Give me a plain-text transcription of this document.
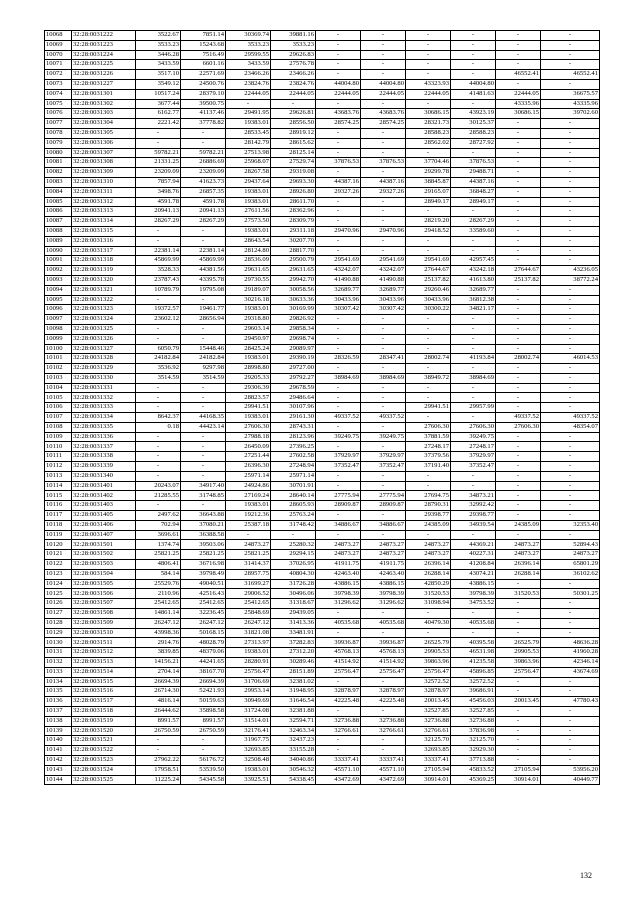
10068	32:28:0031222	3522.67	7851.14	30369.74	39881.16	-	-	-	-	-	-
10069	32:28:0031223	3533.23	15243.68	3533.23	3533.23	-	-	-	-	-	-
10070	32:28:0031224	3446.28	7516.49	29599.55	29626.83	-	-	-	-	-	-
10071	32:28:0031225	3433.59	6601.16	3433.59	27576.78	-	-	-	-	-	-
10072	32:28:0031226	3517.10	22571.69	23466.26	23466.26	-	-	-	-	46552.41	46552.41
10073	32:28:0031227	3549.12	24500.76	23824.76	23824.76	44004.80	44004.80	43323.93	44004.80	-	-
10074	32:28:0031301	10517.24	28379.10	22444.05	22444.05	22444.05	22444.05	22444.05	41481.63	22444.05	36675.57
10075	32:28:0031302	3677.44	39500.75	-	-	-	-	-	-	43335.96	43335.96
10076	32:28:0031303	6162.77	41137.46	29491.95	29626.81	43683.76	43683.76	30686.15	43923.19	30686.15	39702.60
10077	32:28:0031304	2221.42	37778.82	19383.01	28556.50	28574.25	28574.25	28321.73	30125.37	-	-
10078	32:28:0031305	-	-	28533.45	28919.12	-	-	28588.23	28588.23	-	-
10079	32:28:0031306	-	-	28142.79	28615.62	-	-	28562.02	28727.92	-	-
10080	32:28:0031307	59782.21	59782.21	27513.98	28125.14	-	-	-	-	-	-
10081	32:28:0031308	21331.25	26886.69	25968.07	27529.74	37876.53	37876.53	37704.46	37876.53	-	-
10082	32:28:0031309	23209.09	23209.09	28267.58	29319.08	-	-	29299.78	29488.71	-	-
10083	32:28:0031310	7857.94	41623.73	29437.64	29693.30	44387.16	44387.16	38845.87	44387.16	-	-
10084	32:28:0031311	3498.76	26857.35	19383.01	28926.80	29327.26	29327.26	29165.07	36848.27	-	-
10085	32:28:0031312	4591.78	4591.78	19383.01	28611.70	-	-	28949.17	28949.17	-	-
10086	32:28:0031313	20941.13	20941.13	27611.56	28362.96	-	-	-	-	-	-
10087	32:28:0031314	28267.29	28267.29	27573.50	28309.79	-	-	28219.20	28267.29	-	-
10088	32:28:0031315	-	-	19383.01	29311.18	29470.96	29470.96	29418.52	33589.60	-	-
10089	32:28:0031316	-	-	28643.54	30207.70	-	-	-	-	-	-
10090	32:28:0031317	22381.14	22381.14	28124.80	28817.70	-	-	-	-	-	-
10091	32:28:0031318	45869.99	45869.99	28536.09	29500.79	29541.69	29541.69	29541.69	42957.45	-	-
10092	32:28:0031319	3528.33	44381.56	29631.65	29631.65	43242.07	43242.07	27644.67	43242.18	27644.67	43236.05
10093	32:28:0031320	23787.43	43395.78	29730.55	29942.70	41490.88	41490.88	25137.82	41613.80	25137.82	38772.24
10094	32:28:0031321	10789.79	19795.08	29189.07	30058.56	32689.77	32689.77	29260.46	32689.77	-	-
10095	32:28:0031322	-	-	30216.18	30633.36	30433.96	30433.96	30433.96	36812.38	-	-
10096	32:28:0031323	19372.57	19461.77	19383.01	30169.99	30307.42	30307.42	30300.22	34821.17	-	-
10097	32:28:0031324	23602.12	28656.94	29318.80	29826.92	-	-	-	-	-	-
10098	32:28:0031325	-	-	29603.14	29858.34	-	-	-	-	-	-
10099	32:28:0031326	-	-	29450.97	29698.74	-	-	-	-	-	-
10100	32:28:0031327	6050.79	15448.46	28425.24	29089.97	-	-	-	-	-	-
10101	32:28:0031328	24182.84	24182.84	19383.01	29390.19	28326.59	28347.41	28002.74	41193.84	28002.74	46014.53
10102	32:28:0031329	3536.92	9297.98	28998.80	29727.00	-	-	-	-	-	-
10103	32:28:0031330	3514.59	3514.59	29205.33	29792.27	38984.69	38984.69	38949.72	38984.69	-	-
10104	32:28:0031331	-	-	29306.39	29678.59	-	-	-	-	-	-
10105	32:28:0031332	-	-	28823.57	29486.64	-	-	-	-	-	-
10106	32:28:0031333	-	-	29941.51	30107.96	-	-	29941.51	29957.99	-	-
10107	32:28:0031334	8642.37	44168.35	19383.01	29161.30	49337.52	49337.52	-	-	49337.52	49337.52
10108	32:28:0031335	0.18	44423.14	27606.30	28743.31	-	-	27606.30	27606.30	27606.30	48354.07
10109	32:28:0031336	-	-	27988.18	28123.96	39249.75	39249.75	37881.59	39249.75	-	-
10110	32:28:0031337	-	-	26450.09	27396.25	-	-	27248.17	27248.17	-	-
10111	32:28:0031338	-	-	27251.44	27602.58	37929.97	37929.97	37379.56	37929.97	-	-
10112	32:28:0031339	-	-	26396.30	27248.94	37352.47	37352.47	37191.40	37352.47	-	-
10113	32:28:0031340	-	-	25971.14	25971.14	-	-	-	-	-	-
10114	32:28:0031401	20243.07	34917.40	24924.86	30701.91	-	-	-	-	-	-
10115	32:28:0031402	21285.55	31748.85	27169.24	28640.14	27775.94	27775.94	27694.75	34873.21	-	-
10116	32:28:0031403	-	-	19383.01	28605.93	28909.87	28909.87	28790.31	32992.42	-	-
10117	32:28:0031405	2497.62	36643.88	19212.36	25763.24	-	-	29398.77	29398.77	-	-
10118	32:28:0031406	702.94	37080.21	25387.18	31748.42	34886.67	34886.67	24385.09	34939.54	24385.09	32353.40
10119	32:28:0031407	3696.61	36388.58	-	-	-	-	-	-	-	-
10120	32:28:0031501	1374.74	39503.06	24873.27	25280.32	24873.27	24873.27	24873.27	44369.21	24873.27	52894.43
10121	32:28:0031502	25821.25	25821.25	25821.25	29294.15	24873.27	24873.27	24873.27	40227.31	24873.27	24873.27
10122	32:28:0031503	4806.41	36716.98	31414.37	37026.95	41911.75	41911.75	26396.14	41208.84	26396.14	65801.29
10123	32:28:0031504	584.14	39798.49	28957.75	40804.30	42463.40	42463.40	26288.14	43074.21	26288.14	36102.62
10124	32:28:0031505	25529.76	49040.51	31699.27	31726.28	43886.15	43886.15	42850.29	43886.15	-	-
10125	32:28:0031506	2110.96	42516.43	29006.52	30496.06	39798.39	39798.39	31520.53	39798.39	31520.53	50301.25
10126	32:28:0031507	25412.65	25412.65	25412.65	31318.67	31296.62	31296.62	31098.94	34753.52	-	-
10127	32:28:0031508	14861.14	32236.45	25848.69	29439.05	-	-	-	-	-	-
10128	32:28:0031509	26247.12	26247.12	26247.12	31413.36	40535.68	40535.68	40479.30	40535.68	-	-
10129	32:28:0031510	43998.36	50168.15	31821.08	33481.91	-	-	-	-	-	-
10130	32:28:0031511	2914.76	48028.79	27313.97	37282.83	39936.87	39936.87	26525.79	40395.58	26525.79	48636.28
10131	32:28:0031512	3839.85	48379.06	19383.01	27312.20	45768.13	45768.13	29905.53	46531.98	29905.53	41960.28
10132	32:28:0031513	14156.21	44241.65	28280.91	30289.46	41514.92	41514.92	39863.96	41235.58	39863.96	42346.14
10133	32:28:0031514	2704.14	38167.70	25756.47	28151.89	25756.47	25756.47	25756.47	45896.85	25756.47	43674.69
10134	32:28:0031515	26694.39	26694.39	31706.69	32381.02	-	-	32572.52	32572.52	-	-
10135	32:28:0031516	26714.30	52421.93	29953.14	31948.95	32878.97	32878.97	32878.97	39686.91	-	-
10136	32:28:0031517	4816.14	50159.63	30949.69	31646.54	42225.48	42225.48	20013.45	45456.03	20013.45	47780.43
10137	32:28:0031518	26444.62	35898.58	31724.08	32381.88	-	-	32527.85	32527.85	-	-
10138	32:28:0031519	8991.57	8991.57	31514.01	32594.71	32736.88	32736.88	32736.88	32736.88	-	-
10139	32:28:0031520	26750.59	26750.59	32176.41	32463.34	32766.61	32766.61	32766.61	37836.98	-	-
10140	32:28:0031521	-	-	31967.75	32437.23	-	-	32125.70	32125.70	-	-
10141	32:28:0031522	-	-	32693.85	33155.28	-	-	32693.85	32929.30	-	-
10142	32:28:0031523	27962.22	56176.72	32508.48	34040.86	33337.41	33337.41	33337.41	37713.88	-	-
10143	32:28:0031524	17958.51	53539.50	19383.01	30546.32	45571.10	45571.10	27105.94	45833.52	27105.94	53956.20
10144	32:28:0031525	11225.24	54345.58	33925.51	54338.45	43472.69	43472.69	30914.01	45369.25	30914.01	40449.77
132
